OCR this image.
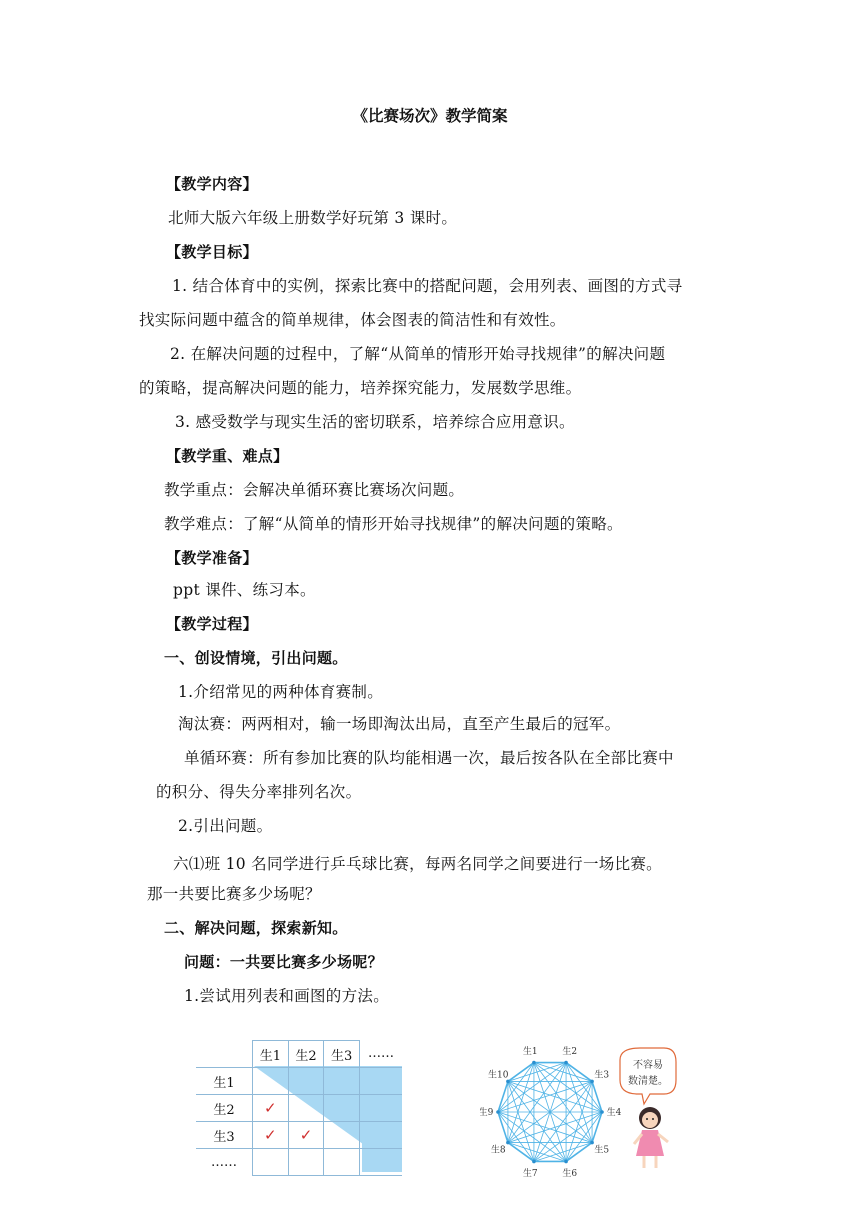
《比赛场次》教学简案
【教学内容】
北师大版六年级上册数学好玩第 3 课时。
【教学目标】
1. 结合体育中的实例，探索比赛中的搭配问题，会用列表、画图的方式寻
找实际问题中蕴含的简单规律，体会图表的简洁性和有效性。
2. 在解决问题的过程中，了解“从简单的情形开始寻找规律”的解决问题
的策略，提高解决问题的能力，培养探究能力，发展数学思维。
3. 感受数学与现实生活的密切联系，培养综合应用意识。
【教学重、难点】
教学重点：会解决单循环赛比赛场次问题。
教学难点：了解“从简单的情形开始寻找规律”的解决问题的策略。
【教学准备】
ppt 课件、练习本。
【教学过程】
一、创设情境，引出问题。
1.介绍常见的两种体育赛制。
淘汰赛：两两相对，输一场即淘汰出局，直至产生最后的冠军。
单循环赛：所有参加比赛的队均能相遇一次，最后按各队在全部比赛中
的积分、得失分率排列名次。
2.引出问题。
六⑴班 10 名同学进行乒乓球比赛，每两名同学之间要进行一场比赛。
那一共要比赛多少场呢？
二、解决问题，探索新知。
问题：一共要比赛多少场呢？
1.尝试用列表和画图的方法。
	生1	生2	生3	……
生1				
生2	✓			
生3	✓	✓		
……				
生1	生2
生3
生4
生5
生6
生7
生8
生9
生10
不容易
数清楚。
